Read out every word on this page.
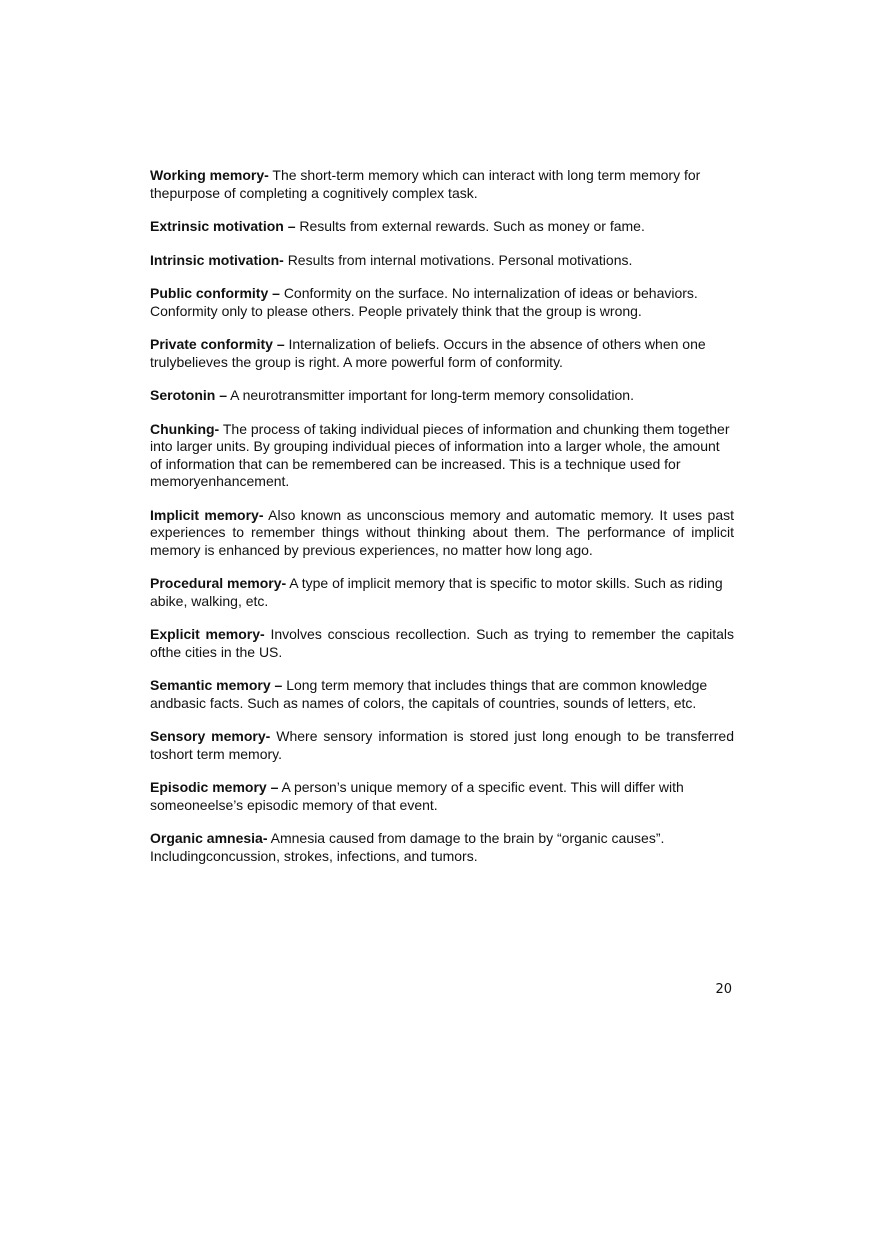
Working memory- The short-term memory which can interact with long term memory for thepurpose of completing a cognitively complex task.

Extrinsic motivation – Results from external rewards. Such as money or fame.

Intrinsic motivation- Results from internal motivations. Personal motivations.

Public conformity – Conformity on the surface. No internalization of ideas or behaviors. Conformity only to please others. People privately think that the group is wrong.

Private conformity – Internalization of beliefs. Occurs in the absence of others when one trulybelieves the group is right. A more powerful form of conformity.

Serotonin – A neurotransmitter important for long-term memory consolidation.

Chunking- The process of taking individual pieces of information and chunking them together into larger units. By grouping individual pieces of information into a larger whole, the amount of information that can be remembered can be increased. This is a technique used for memoryenhancement.

Implicit memory- Also known as unconscious memory and automatic memory. It uses past experiences to remember things without thinking about them. The performance of implicit memory is enhanced by previous experiences, no matter how long ago.

Procedural memory- A type of implicit memory that is specific to motor skills. Such as riding abike, walking, etc.

Explicit memory- Involves conscious recollection. Such as trying to remember the capitals ofthe cities in the US.

Semantic memory – Long term memory that includes things that are common knowledge andbasic facts. Such as names of colors, the capitals of countries, sounds of letters, etc.

Sensory memory- Where sensory information is stored just long enough to be transferred toshort term memory.

Episodic memory – A person’s unique memory of a specific event. This will differ with someoneelse’s episodic memory of that event.

Organic amnesia- Amnesia caused from damage to the brain by “organic causes”. Includingconcussion, strokes, infections, and tumors.

20
